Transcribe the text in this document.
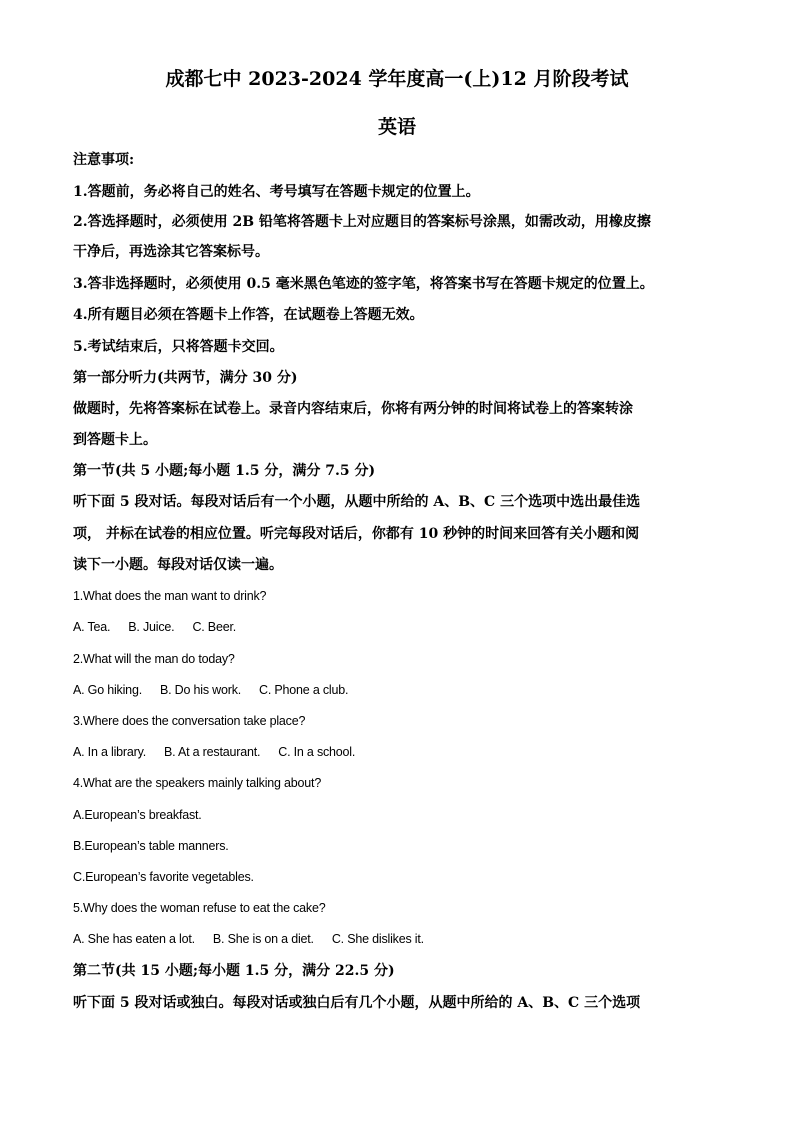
成都七中 2023-2024 学年度高一(上)12 月阶段考试
英语
注意事项:
1.答题前，务必将自己的姓名、考号填写在答题卡规定的位置上。
2.答选择题时，必须使用 2B 铅笔将答题卡上对应题目的答案标号涂黑，如需改动，用橡皮擦
干净后，再选涂其它答案标号。
3.答非选择题时，必须使用 0.5 毫米黑色笔迹的签字笔，将答案书写在答题卡规定的位置上。
4.所有题目必须在答题卡上作答，在试题卷上答题无效。
5.考试结束后，只将答题卡交回。
第一部分听力(共两节，满分 30 分)
做题时，先将答案标在试卷上。录音内容结束后，你将有两分钟的时间将试卷上的答案转涂
到答题卡上。
第一节(共 5 小题;每小题 1.5 分，满分 7.5 分)
听下面 5 段对话。每段对话后有一个小题，从题中所给的 A、B、C 三个选项中选出最佳选
项， 并标在试卷的相应位置。听完每段对话后，你都有 10 秒钟的时间来回答有关小题和阅
读下一小题。每段对话仅读一遍。
1.What does the man want to drink?
A. Tea. B. Juice. C. Beer.
2.What will the man do today?
A. Go hiking. B. Do his work. C. Phone a club.
3.Where does the conversation take place?
A. In a library. B. At a restaurant. C. In a school.
4.What are the speakers mainly talking about?
A.European’s breakfast.
B.European’s table manners.
C.European’s favorite vegetables.
5.Why does the woman refuse to eat the cake?
A. She has eaten a lot. B. She is on a diet. C. She dislikes it.
第二节(共 15 小题;每小题 1.5 分，满分 22.5 分)
听下面 5 段对话或独白。每段对话或独白后有几个小题，从题中所给的 A、B、C 三个选项
